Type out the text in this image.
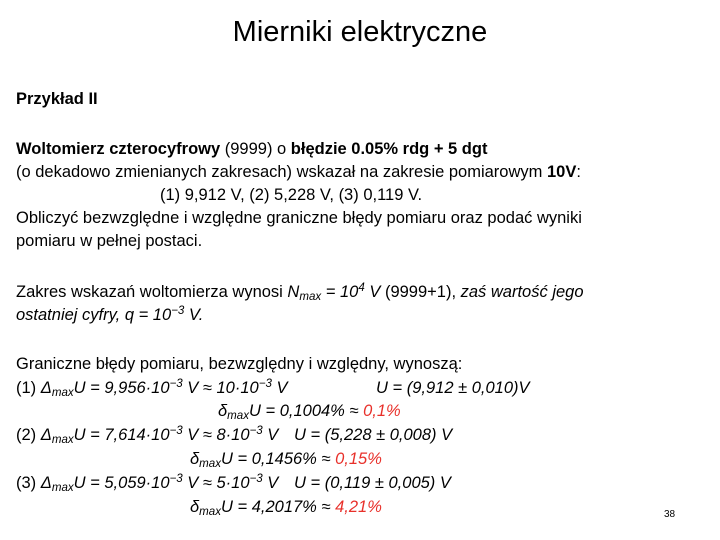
Mierniki elektryczne
Przykład II
Woltomierz czterocyfrowy (9999) o błędzie 0.05% rdg + 5 dgt
(o dekadowo zmienianych zakresach) wskazał na zakresie pomiarowym 10V:
(1) 9,912 V, (2) 5,228 V, (3) 0,119 V.
Obliczyć bezwzględne i względne graniczne błędy pomiaru oraz podać wyniki
pomiaru w pełnej postaci.
Zakres wskazań woltomierza wynosi $N_{max} = 10^4$ V (9999+1), zaś wartość jego
ostatniej cyfry, $q = 10^{-3}$ V.
Graniczne błędy pomiaru, bezwzględny i względny, wynoszą:
(1) $\Delta_{max}U = 9,956\cdot 10^{-3}$ $V \approx 10\cdot 10^{-3}$ V	U = (9,912 ± 0,010)V
$\delta_{max}U = 0,1004\% \approx 0,1\%$
(2) $\Delta_{max}U = 7,614\cdot 10^{-3}$ $V \approx 8\cdot 10^{-3}$ V U = (5,228 ± 0,008) V
$\delta_{max}U = 0,1456\% \approx 0,15\%$
(3) $\Delta_{max}U = 5,059\cdot 10^{-3}$ $V \approx 5\cdot 10^{-3}$ V U = (0,119 ± 0,005) V
$\delta_{max}U = 4,2017\% \approx 4,21\%$	38
